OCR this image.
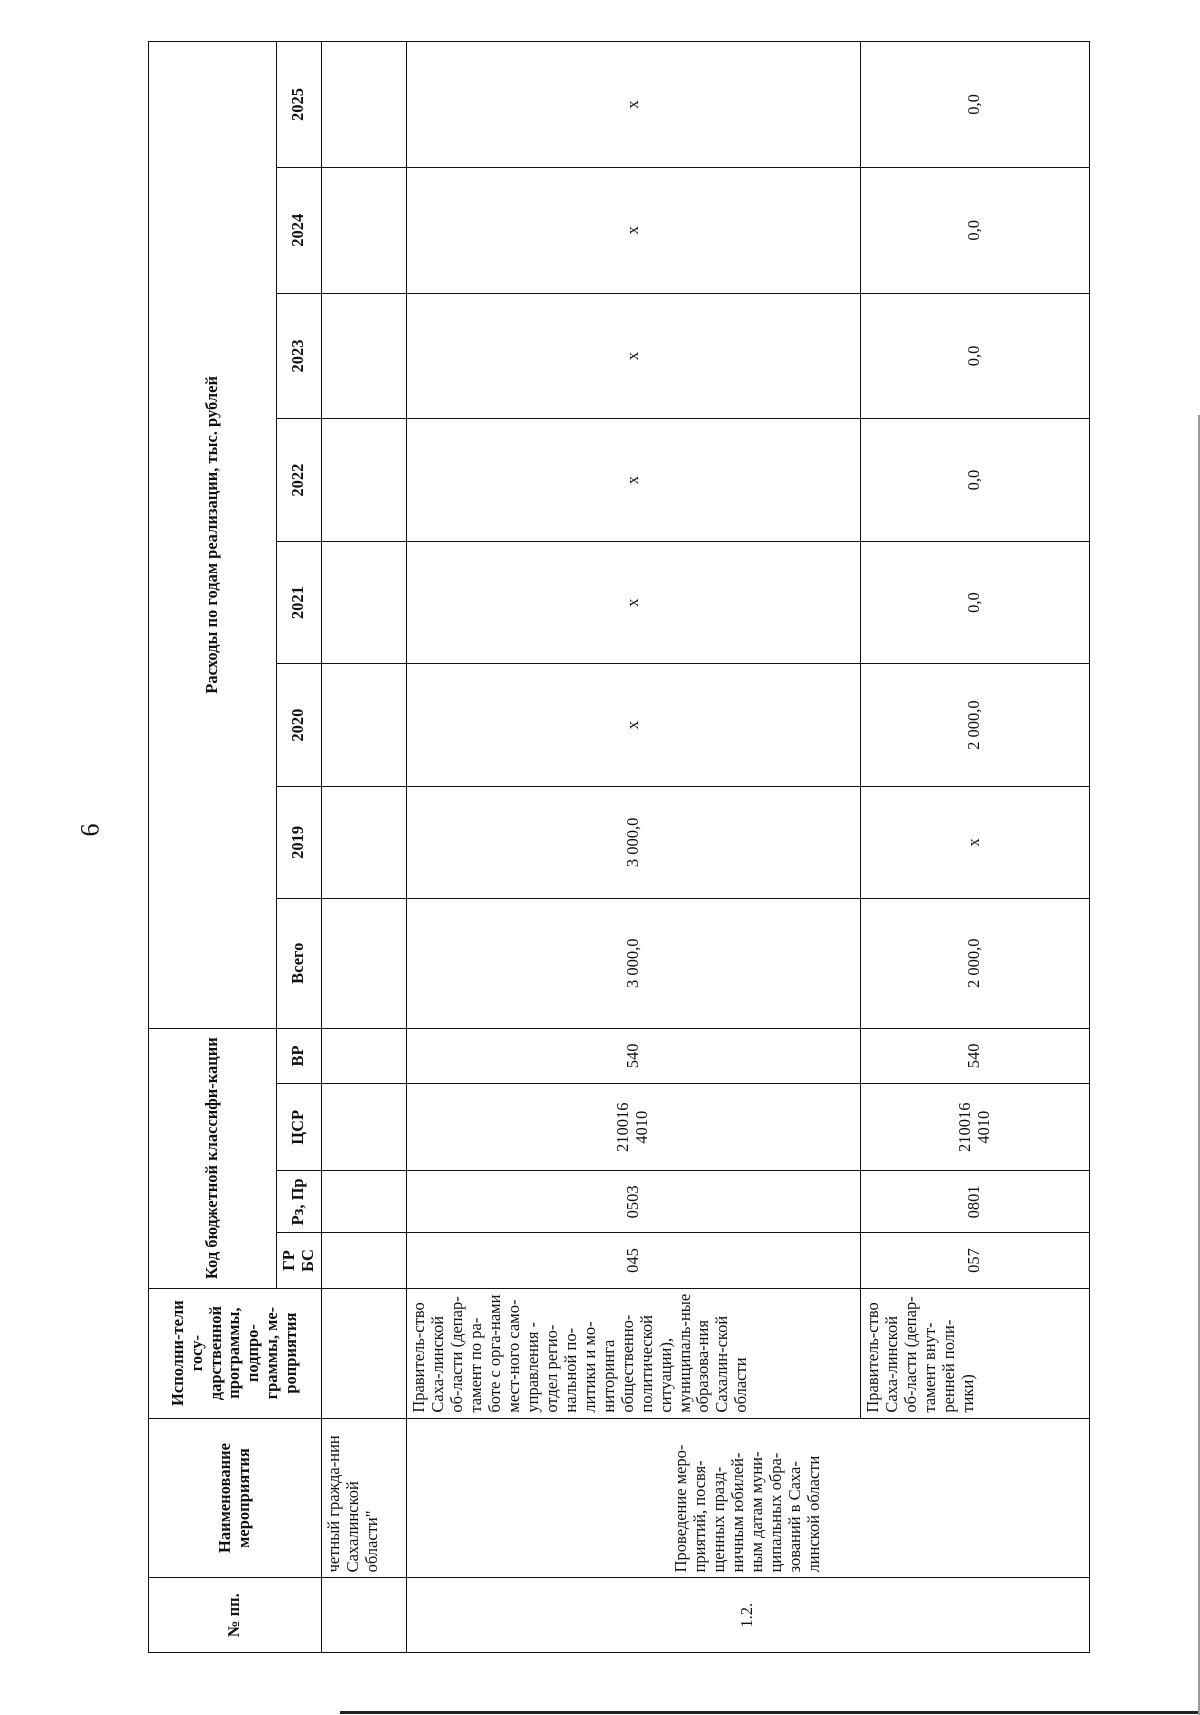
6
№ пп.	Наименование мероприятия	Исполни-тели госу-дарственной программы, подпро-граммы, ме-роприятия	Код бюджетной классифи-кации				Расходы по годам реализации, тыс. рублей							
			ГР БС	Рз, Пр	ЦСР	ВР	Всего	2019	2020	2021	2022	2023	2024	2025
	четный гражда-нин Сахалинской области"													
1.2.	Проведение меро-приятий, посвя-щенных празд-ничным юбилей-ным датам муни-ципальных обра-зований в Саха-линской области	Правитель-ство Саха-линской об-ласти (депар-тамент по ра-боте с орга-нами мест-ного само-управления - отдел регио-нальной по-литики и мо-ниторинга общественно-политической ситуации), муниципаль-ные образова-ния Сахалин-ской области	045	0503	210016 4010	540	3 000,0	3 000,0	х	х	х	х	х	х
		Правитель-ство Саха-линской об-ласти (депар-тамент внут-ренней поли-тики)	057	0801	210016 4010	540	2 000,0	х	2 000,0	0,0	0,0	0,0	0,0	0,0
